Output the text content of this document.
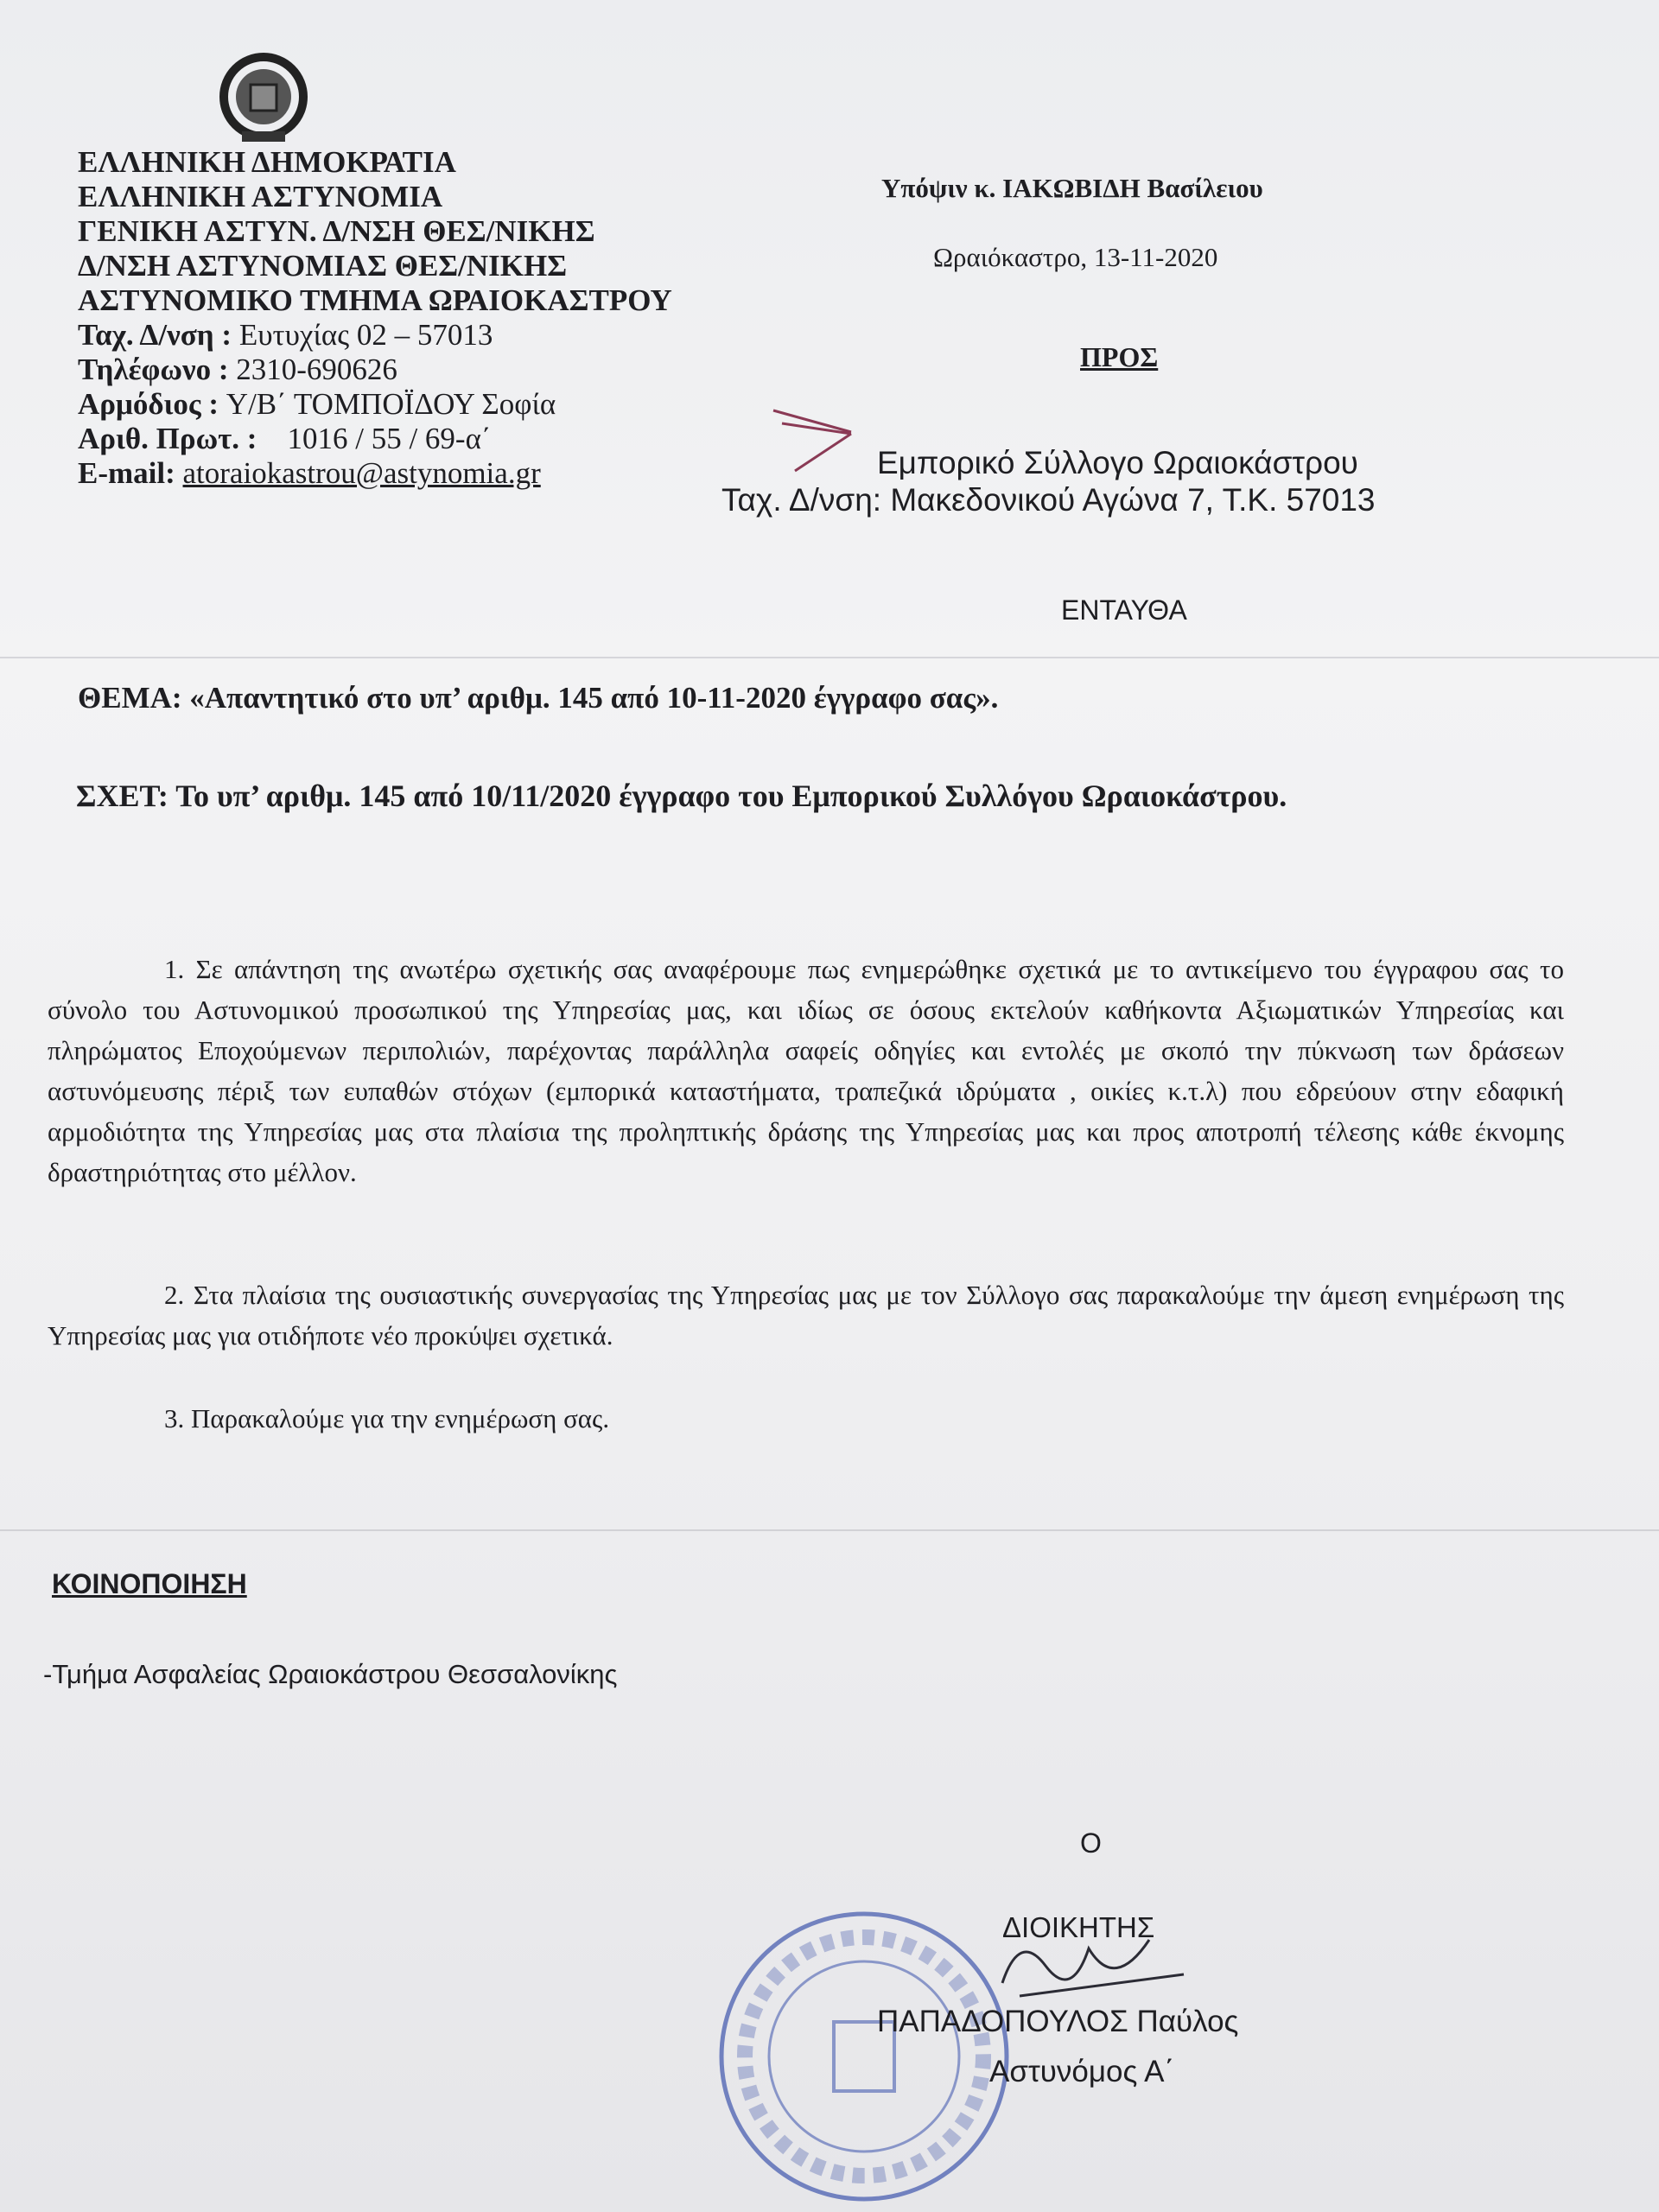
ΕΛΛΗΝΙΚΗ ΔΗΜΟΚΡΑΤΙΑ
ΕΛΛΗΝΙΚΗ ΑΣΤΥΝΟΜΙΑ
ΓΕΝΙΚΗ ΑΣΤΥΝ. Δ/ΝΣΗ ΘΕΣ/ΝΙΚΗΣ
Δ/ΝΣΗ ΑΣΤΥΝΟΜΙΑΣ ΘΕΣ/ΝΙΚΗΣ
ΑΣΤΥΝΟΜΙΚΟ ΤΜΗΜΑ ΩΡΑΙΟΚΑΣΤΡΟΥ
Ταχ. Δ/νση : Ευτυχίας 02 – 57013
Τηλέφωνο : 2310-690626
Αρμόδιος : Υ/Β΄ ΤΟΜΠΟΪΔΟΥ Σοφία
Αριθ. Πρωτ. : 1016 / 55 / 69-α΄
E-mail: atoraiokastrou@astynomia.gr
Υπόψιν κ. ΙΑΚΩΒΙΔΗ Βασίλειου
Ωραιόκαστρο, 13-11-2020
ΠΡΟΣ
Εμπορικό Σύλλογο Ωραιοκάστρου
Ταχ. Δ/νση: Μακεδονικού Αγώνα 7, Τ.Κ. 57013
ΕΝΤΑΥΘΑ
ΘΕΜΑ: «Απαντητικό στο υπ’ αριθμ. 145 από 10-11-2020 έγγραφο σας».
ΣΧΕΤ: Το υπ’ αριθμ. 145 από 10/11/2020 έγγραφο του Εμπορικού Συλλόγου Ωραιοκάστρου.
1. Σε απάντηση της ανωτέρω σχετικής σας αναφέρουμε πως ενημερώθηκε σχετικά με το αντικείμενο του έγγραφου σας το σύνολο του Αστυνομικού προσωπικού της Υπηρεσίας μας, και ιδίως σε όσους εκτελούν καθήκοντα Αξιωματικών Υπηρεσίας και πληρώματος Εποχούμενων περιπολιών, παρέχοντας παράλληλα σαφείς οδηγίες και εντολές με σκοπό την πύκνωση των δράσεων αστυνόμευσης πέριξ των ευπαθών στόχων (εμπορικά καταστήματα, τραπεζικά ιδρύματα , οικίες κ.τ.λ) που εδρεύουν στην εδαφική αρμοδιότητα της Υπηρεσίας μας στα πλαίσια της προληπτικής δράσης της Υπηρεσίας μας και προς αποτροπή τέλεσης κάθε έκνομης δραστηριότητας στο μέλλον.
2. Στα πλαίσια της ουσιαστικής συνεργασίας της Υπηρεσίας μας με τον Σύλλογο σας παρακαλούμε την άμεση ενημέρωση της Υπηρεσίας μας για οτιδήποτε νέο προκύψει σχετικά.
3. Παρακαλούμε για την ενημέρωση σας.
ΚΟΙΝΟΠΟΙΗΣΗ
-Τμήμα Ασφαλείας Ωραιοκάστρου Θεσσαλονίκης
Ο
ΔΙΟΙΚΗΤΗΣ
ΠΑΠΑΔΟΠΟΥΛΟΣ Παύλος
Αστυνόμος Α΄
